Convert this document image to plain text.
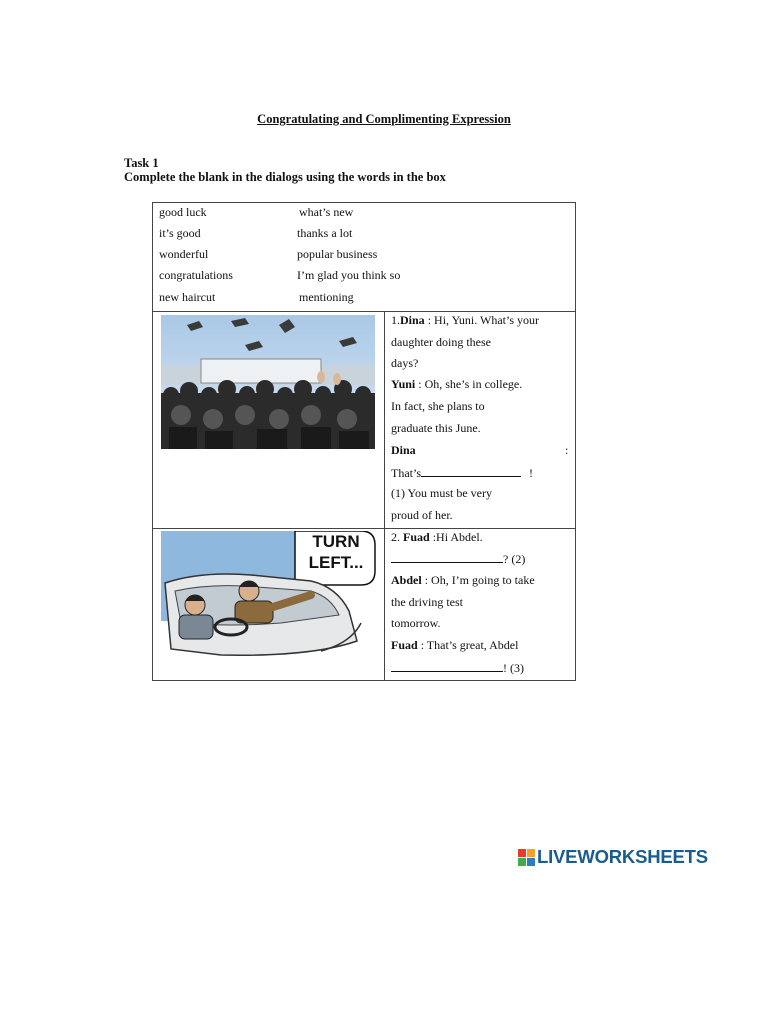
Congratulating and Complimenting Expression
Task 1
Complete the blank in the dialogs using the words in the box
good luck
it’s good
wonderful
congratulations
new haircut
what’s new
thanks a lot
popular business
I’m glad you think so
mentioning
TURN
LEFT...
1.Dina : Hi, Yuni. What’s your
daughter doing these
days?
Yuni : Oh, she’s in college.
In fact, she plans to
graduate this June.
Dina	:
That’s	!
(1) You must be very
proud of her.
2. Fuad :Hi Abdel.
? (2)
Abdel : Oh, I’m going to take
the driving test
tomorrow.
Fuad : That’s great, Abdel
! (3)
LIVEWORKSHEETS
